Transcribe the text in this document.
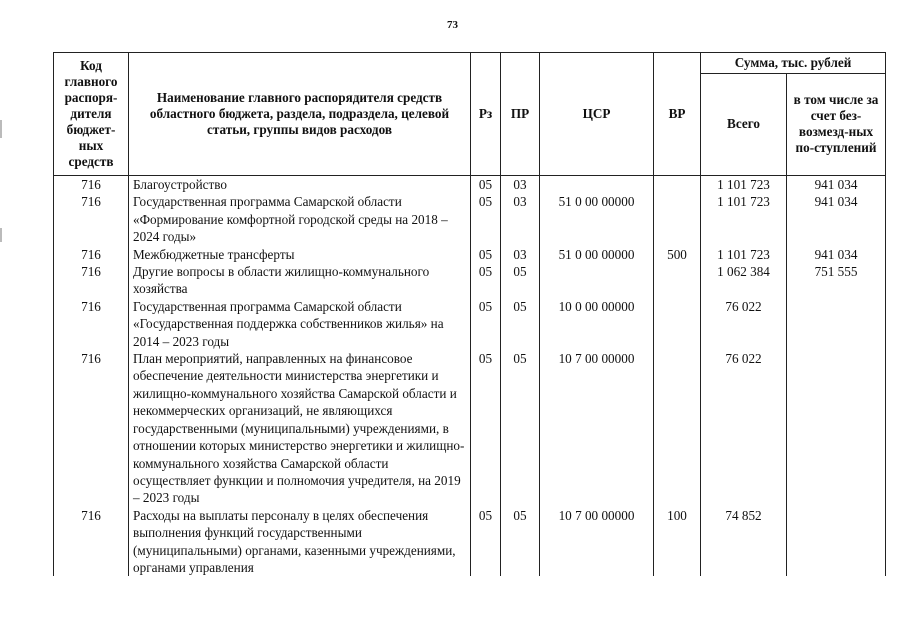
73
Код главного распоря-дителя бюджет-ных средств	Наименование главного распорядителя средств областного бюджета, раздела, подраздела, целевой статьи, группы видов расходов	Рз	ПР	ЦСР	ВР	Сумма, тыс. рублей	
						Всего	в том числе за счет без-возмезд-ных по-ступлений
716	Благоустройство	05	03			1 101 723	941 034
716	Государственная программа Самарской области «Формирование комфортной городской среды на 2018 – 2024 годы»	05	03	51 0 00 00000		1 101 723	941 034
716	Межбюджетные трансферты	05	03	51 0 00 00000	500	1 101 723	941 034
716	Другие вопросы в области жилищно-коммунального хозяйства	05	05			1 062 384	751 555
716	Государственная программа Самарской области «Государственная поддержка собственников жилья» на 2014 – 2023 годы	05	05	10 0 00 00000		76 022	
716	План мероприятий, направленных на финансовое обеспечение деятельности министерства энергетики и жилищно-коммунального хозяйства Самарской области и некоммерческих организаций, не являющихся государственными (муниципальными) учреждениями, в отношении которых министерство энергетики и жилищно-коммунального хозяйства Самарской области осуществляет функции и полномочия учредителя, на 2019 – 2023 годы	05	05	10 7 00 00000		76 022	
716	Расходы на выплаты персоналу в целях обеспечения выполнения функций государственными (муниципальными) органами, казенными учреждениями, органами управления	05	05	10 7 00 00000	100	74 852	
